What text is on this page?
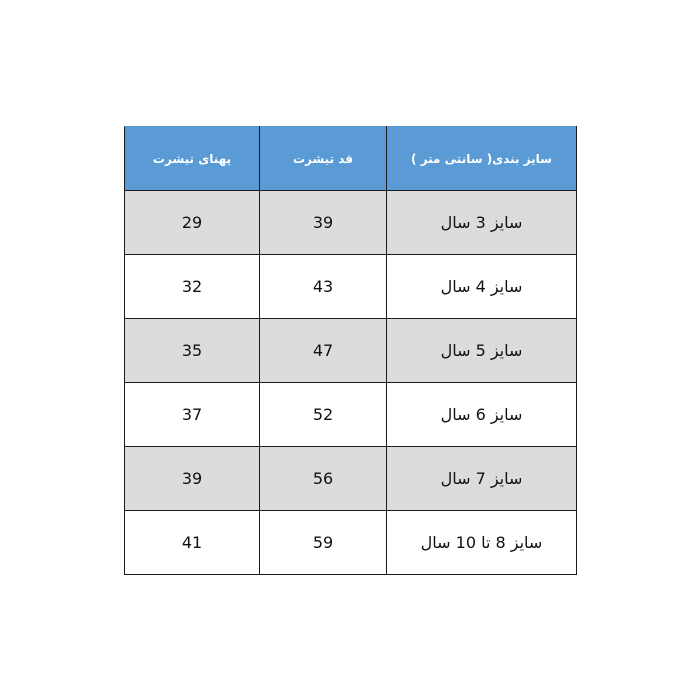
پهنای تیشرت	قد تیشرت	سایز بندی( سانتی متر )
29	39	سایز 3 سال
32	43	سایز 4 سال
35	47	سایز 5 سال
37	52	سایز 6 سال
39	56	سایز 7 سال
41	59	سایز 8 تا 10 سال
